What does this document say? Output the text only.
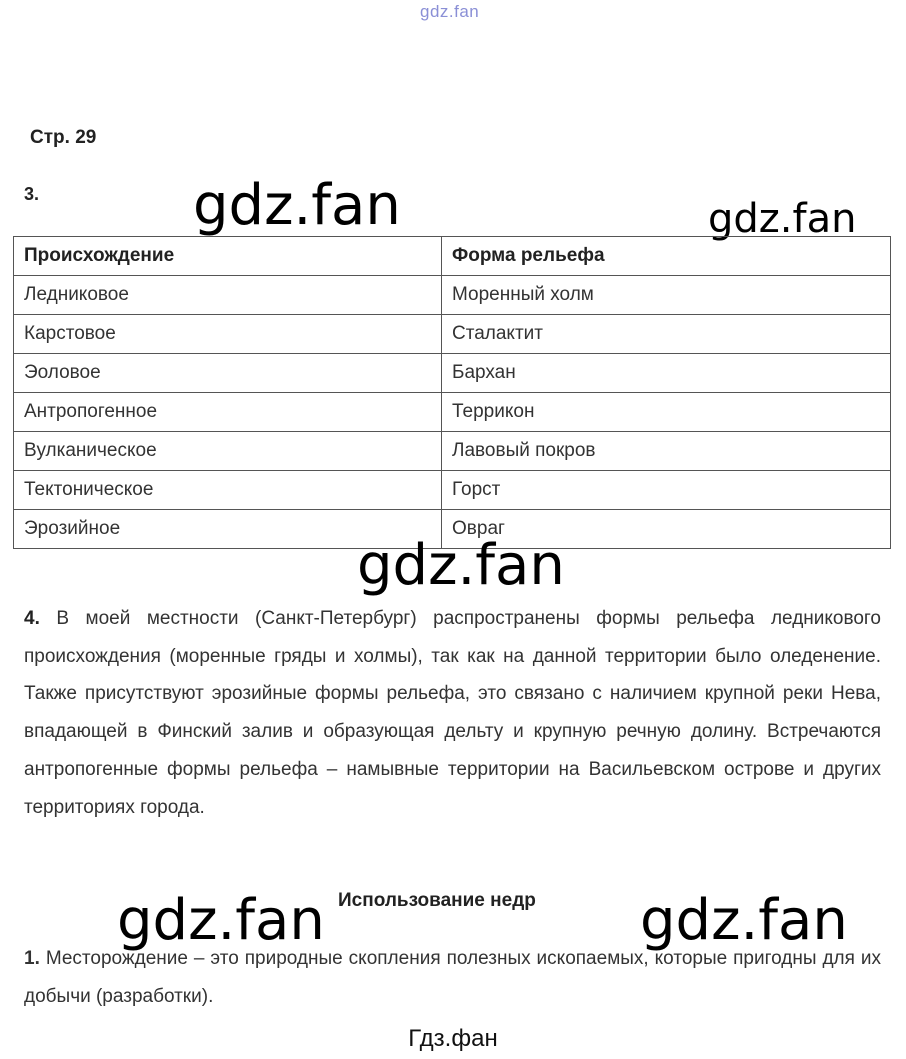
gdz.fan
Стр. 29
3.	gdz.fan	gdz.fan
Происхождение	Форма рельефа
Ледниковое	Моренный холм
Карстовое	Сталактит
Эоловое	Бархан
Антропогенное	Террикон
Вулканическое	Лавовый покров
Тектоническое	Горст
Эрозийное	Овраг
gdz.fan
4. В моей местности (Санкт-Петербург) распространены формы рельефа ледникового происхождения (моренные гряды и холмы), так как на данной территории было оледенение. Также присутствуют эрозийные формы рельефа, это связано с наличием крупной реки Нева, впадающей в Финский залив и образующая дельту и крупную речную долину. Встречаются антропогенные формы рельефа – намывные территории на Васильевском острове и других территориях города.
gdz.fan	gdz.fan
Использование недр
1. Месторождение – это природные скопления полезных ископаемых, которые пригодны для их добычи (разработки).
Гдз.фан
